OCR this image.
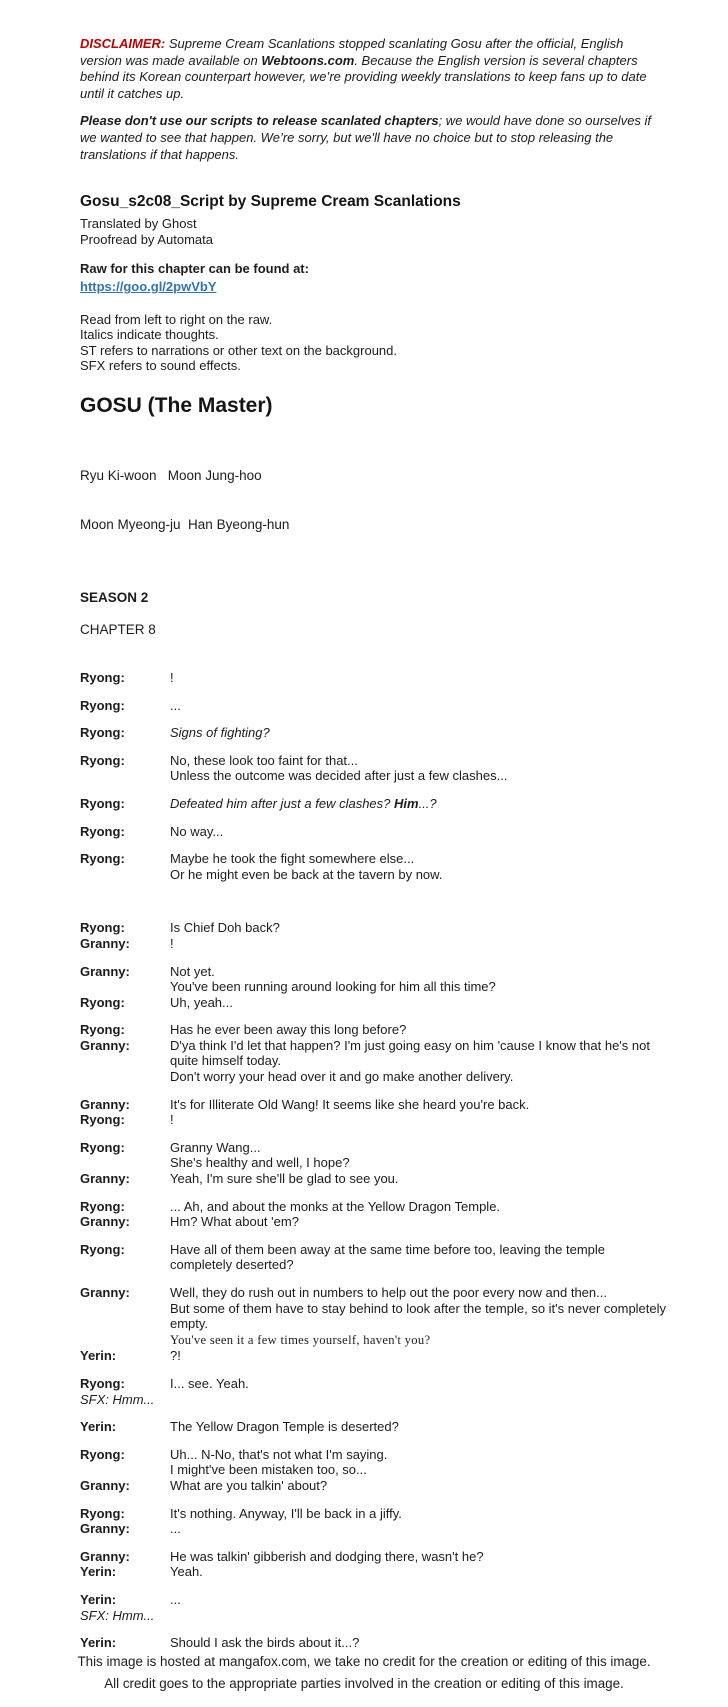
DISCLAIMER: Supreme Cream Scanlations stopped scanlating Gosu after the official, English version was made available on Webtoons.com. Because the English version is several chapters behind its Korean counterpart however, we’re providing weekly translations to keep fans up to date until it catches up.

Please don't use our scripts to release scanlated chapters; we would have done so ourselves if we wanted to see that happen. We’re sorry, but we'll have no choice but to stop releasing the translations if that happens.

Gosu_s2c08_Script by Supreme Cream Scanlations
Translated by Ghost
Proofread by Automata
Raw for this chapter can be found at:
https://goo.gl/2pwVbY
Read from left to right on the raw.
Italics indicate thoughts.
ST refers to narrations or other text on the background.
SFX refers to sound effects.
GOSU (The Master)

Ryu Ki-woon   Moon Jung-hoo

Moon Myeong-ju  Han Byeong-hun

SEASON 2
CHAPTER 8
Ryong:	!
Ryong:	...
Ryong:	Signs of fighting?
Ryong:	No, these look too faint for that...
Unless the outcome was decided after just a few clashes...
Ryong:	Defeated him after just a few clashes? Him...?
Ryong:	No way...
Ryong:	Maybe he took the fight somewhere else...
Or he might even be back at the tavern by now.
Ryong:	Is Chief Doh back?
Granny:	!
Granny:	Not yet.
You've been running around looking for him all this time?
Ryong:	Uh, yeah...
Ryong:	Has he ever been away this long before?
Granny:	D'ya think I'd let that happen? I'm just going easy on him 'cause I know that he's not quite himself today.
Don't worry your head over it and go make another delivery.
Granny:	It's for Illiterate Old Wang! It seems like she heard you're back.
Ryong:	!
Ryong:	Granny Wang...
She's healthy and well, I hope?
Granny:	Yeah, I'm sure she'll be glad to see you.
Ryong:	... Ah, and about the monks at the Yellow Dragon Temple.
Granny:	Hm? What about 'em?
Ryong:	Have all of them been away at the same time before too, leaving the temple completely deserted?
Granny:	Well, they do rush out in numbers to help out the poor every now and then...
But some of them have to stay behind to look after the temple, so it's never completely empty.
You've seen it a few times yourself, haven't you?
Yerin:	?!
Ryong:	I... see. Yeah.
SFX: Hmm...
Yerin:	The Yellow Dragon Temple is deserted?
Ryong:	Uh... N-No, that's not what I'm saying.
I might've been mistaken too, so...
Granny:	What are you talkin' about?
Ryong:	It's nothing. Anyway, I'll be back in a jiffy.
Granny:	...
Granny:	He was talkin' gibberish and dodging there, wasn't he?
Yerin:	Yeah.
Yerin:	...
SFX: Hmm...
Yerin:	Should I ask the birds about it...?
This image is hosted at mangafox.com, we take no credit for the creation or editing of this image.
All credit goes to the appropriate parties involved in the creation or editing of this image.
